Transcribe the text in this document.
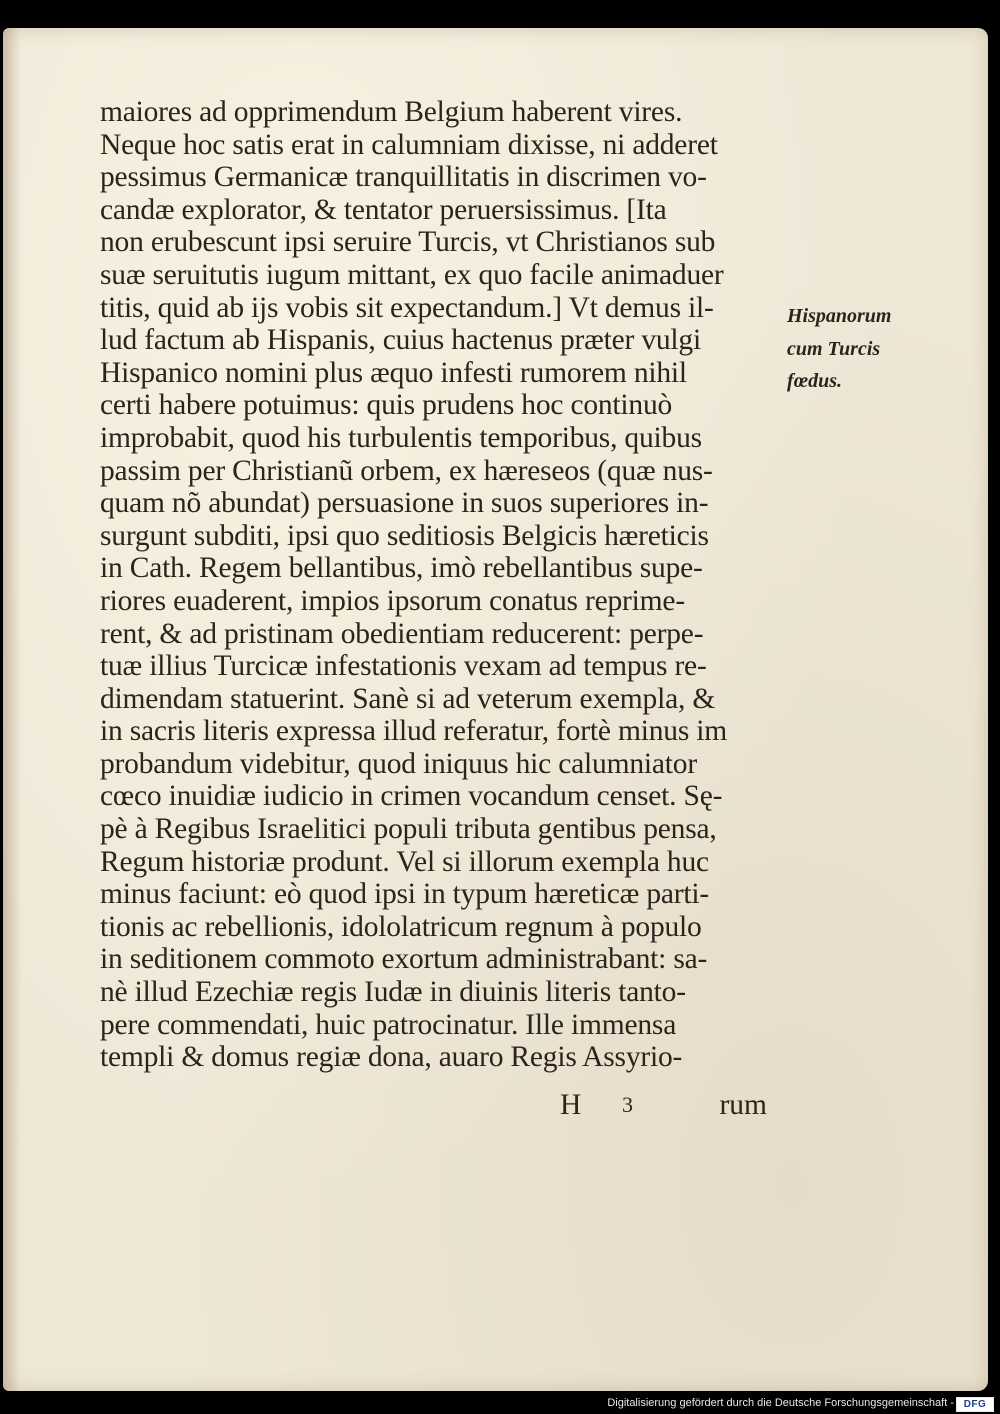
maiores ad opprimendum Belgium haberent vires.
Neque hoc satis erat in calumniam dixisse, ni adderet
pessimus Germanicæ tranquillitatis in discrimen vo-
candæ explorator, & tentator peruersissimus. [Ita
non erubescunt ipsi seruire Turcis, vt Christianos sub
suæ seruitutis iugum mittant, ex quo facile animaduer
titis, quid ab ijs vobis sit expectandum.] Vt demus il-
lud factum ab Hispanis, cuius hactenus præter vulgi
Hispanico nomini plus æquo infesti rumorem nihil
certi habere potuimus: quis prudens hoc continuò
improbabit, quod his turbulentis temporibus, quibus
passim per Christianũ orbem, ex hæreseos (quæ nus-
quam nõ abundat) persuasione in suos superiores in-
surgunt subditi, ipsi quo seditiosis Belgicis hæreticis
in Cath. Regem bellantibus, imò rebellantibus supe-
riores euaderent, impios ipsorum conatus reprime-
rent, & ad pristinam obedientiam reducerent: perpe-
tuæ illius Turcicæ infestationis vexam ad tempus re-
dimendam statuerint. Sanè si ad veterum exempla, &
in sacris literis expressa illud referatur, fortè minus im
probandum videbitur, quod iniquus hic calumniator
cœco inuidiæ iudicio in crimen vocandum censet. Sę-
pè à Regibus Israelitici populi tributa gentibus pensa,
Regum historiæ produnt. Vel si illorum exempla huc
minus faciunt: eò quod ipsi in typum hæreticæ parti-
tionis ac rebellionis, idololatricum regnum à populo
in seditionem commoto exortum administrabant: sa-
nè illud Ezechiæ regis Iudæ in diuinis literis tanto-
pere commendati, huic patrocinatur. Ille immensa
templi & domus regiæ dona, auaro Regis Assyrio-
H 3	rum
Hispanorum
cum Turcis
fœdus.
Digitalisierung gefördert durch die Deutsche Forschungsgemeinschaft - DFG
